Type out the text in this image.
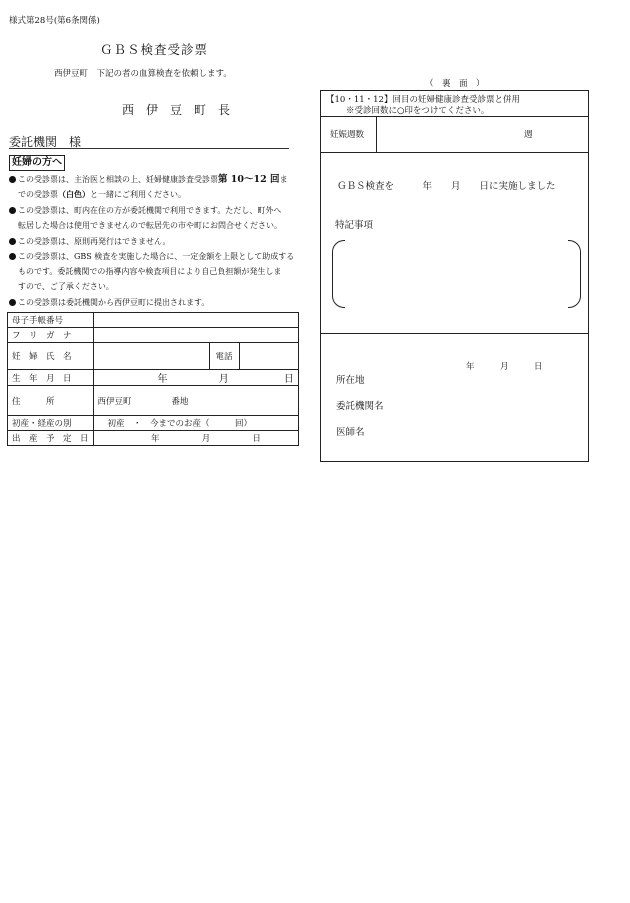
様式第28号(第6条関係)
ＧＢＳ検査受診票
西伊豆町　下記の者の血算検査を依頼します。
西　伊　豆　町　長
委託機関　様
妊婦の方へ
この受診票は、主治医と相談の上、妊婦健康診査受診票第 10〜12 回ま
での受診票（白色）と一緒にご利用ください。
この受診票は、町内在住の方が委託機関で利用できます。ただし、町外へ
転居した場合は使用できませんので転居先の市や町にお問合せください。
この受診票は、原則再発行はできません。
この受診票は、GBS 検査を実施した場合に、一定金額を上限として助成する
ものです。委託機関での指導内容や検査項目により自己負担額が発生しま
すので、ご了承ください。
この受診票は委託機関から西伊豆町に提出されます。
母子手帳番号			
フ　リ　ガ　ナ			
妊　婦　氏　名		電話	
生　年　月　日	年 月 日		
住　　　所	西伊豆町 番地		
初産・経産の別	初産　・　今までのお産（　　　回）		
出　産　予　定　日	年 月 日		
（　裏　面　）
【10・11・12】回目の妊婦健康診査受診票と併用
※受診回数に○印をつけてください。
妊娠週数	週
ＧＢＳ検査を　　　年　　月　　日に実施しました
特記事項
年　　　月　　　日
所在地
委託機関名
医師名
